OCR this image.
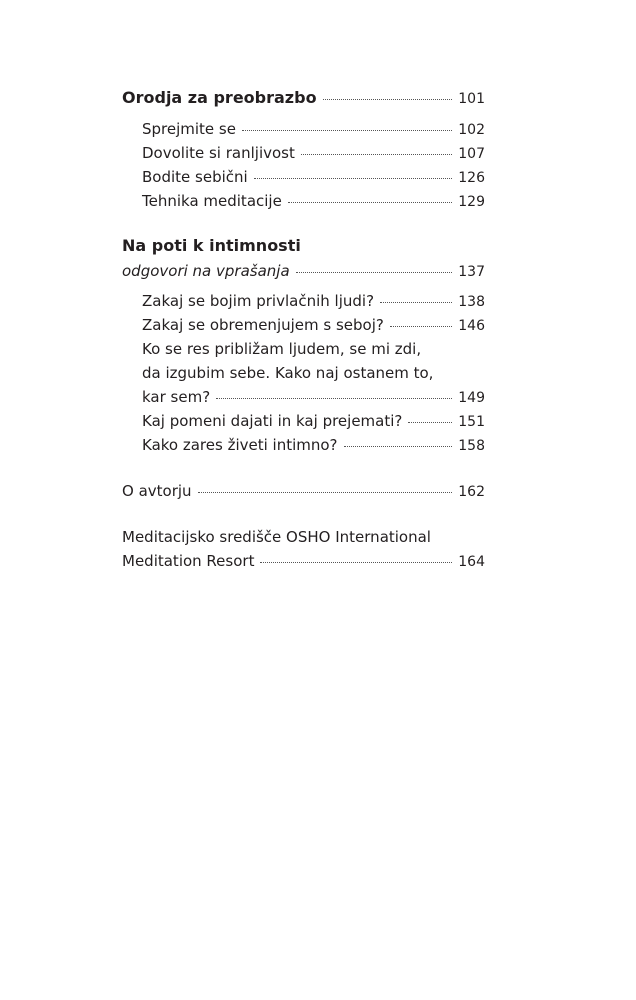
Orodja za preobrazbo	101
Sprejmite se	102
Dovolite si ranljivost	107
Bodite sebični	126
Tehnika meditacije	129
Na poti k intimnosti
odgovori na vprašanja	137
Zakaj se bojim privlačnih ljudi?	138
Zakaj se obremenjujem s seboj?	146
Ko se res približam ljudem, se mi zdi,
da izgubim sebe. Kako naj ostanem to,
kar sem?	149
Kaj pomeni dajati in kaj prejemati?	151
Kako zares živeti intimno?	158
O avtorju	162
Meditacijsko središče OSHO International
Meditation Resort	164
